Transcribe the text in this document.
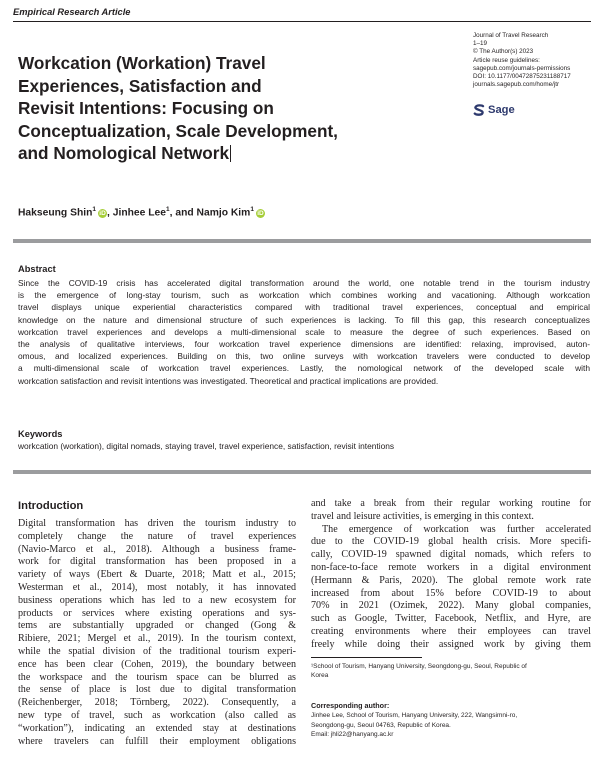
Empirical Research Article
Workcation (Workation) Travel
Experiences, Satisfaction and
Revisit Intentions: Focusing on
Conceptualization, Scale Development,
and Nomological Network
Journal of Travel Research
1–19
© The Author(s) 2023
Article reuse guidelines:
sagepub.com/journals-permissions
DOI: 10.1177/00472875231188717
journals.sagepub.com/home/jtr
Sage
Hakseung Shin$^1$iD, Jinhee Lee$^1$, and Namjo Kim$^1$iD
Abstract

Since the COVID-19 crisis has accelerated digital transformation around the world, one notable trend in the tourism industry
is the emergence of long-stay tourism, such as workcation which combines working and vacationing. Although workcation
travel displays unique experiential characteristics compared with traditional travel experiences, conceptual and empirical
knowledge on the nature and dimensional structure of such experiences is lacking. To fill this gap, this research conceptualizes
workcation travel experiences and develops a multi-dimensional scale to measure the degree of such experiences. Based on
the analysis of qualitative interviews, four workcation travel experience dimensions are identified: relaxing, improvised, auton-
omous, and localized experiences. Building on this, two online surveys with workcation travelers were conducted to develop
a multi-dimensional scale of workcation travel experiences. Lastly, the nomological network of the developed scale with
workcation satisfaction and revisit intentions was investigated. Theoretical and practical implications are provided.

Keywords
workcation (workation), digital nomads, staying travel, travel experience, satisfaction, revisit intentions
Introduction

Digital transformation has driven the tourism industry to
completely change the nature of travel experiences
(Navio-Marco et al., 2018). Although a business frame-
work for digital transformation has been proposed in a
variety of ways (Ebert & Duarte, 2018; Matt et al., 2015;
Westerman et al., 2014), most notably, it has innovated
business operations which has led to a new ecosystem for
products or services where existing operations and sys-
tems are substantially upgraded or changed (Gong &
Ribiere, 2021; Mergel et al., 2019). In the tourism context,
while the spatial division of the traditional tourism experi-
ence has been clear (Cohen, 2019), the boundary between
the workspace and the tourism space can be blurred as
the sense of place is lost due to digital transformation
(Reichenberger, 2018; Törnberg, 2022). Consequently, a
new type of travel, such as workcation (also called as
“workation”), indicating an extended stay at destinations
where travelers can fulfill their employment obligations

and take a break from their regular working routine for
travel and leisure activities, is emerging in this context.
The emergence of workcation was further accelerated
due to the COVID-19 global health crisis. More specifi-
cally, COVID-19 spawned digital nomads, which refers to
non-face-to-face remote workers in a digital environment
(Hermann & Paris, 2020). The global remote work rate
increased from about 15% before COVID-19 to about
70% in 2021 (Ozimek, 2022). Many global companies,
such as Google, Twitter, Facebook, Netflix, and Hyre, are
creating environments where their employees can travel
freely while doing their assigned work by giving them

¹School of Tourism, Hanyang University, Seongdong-gu, Seoul, Republic of
Korea
Corresponding author:
Jinhee Lee, School of Tourism, Hanyang University, 222, Wangsimni-ro,
Seongdong-gu, Seoul 04763, Republic of Korea.
Email: jhli22@hanyang.ac.kr
